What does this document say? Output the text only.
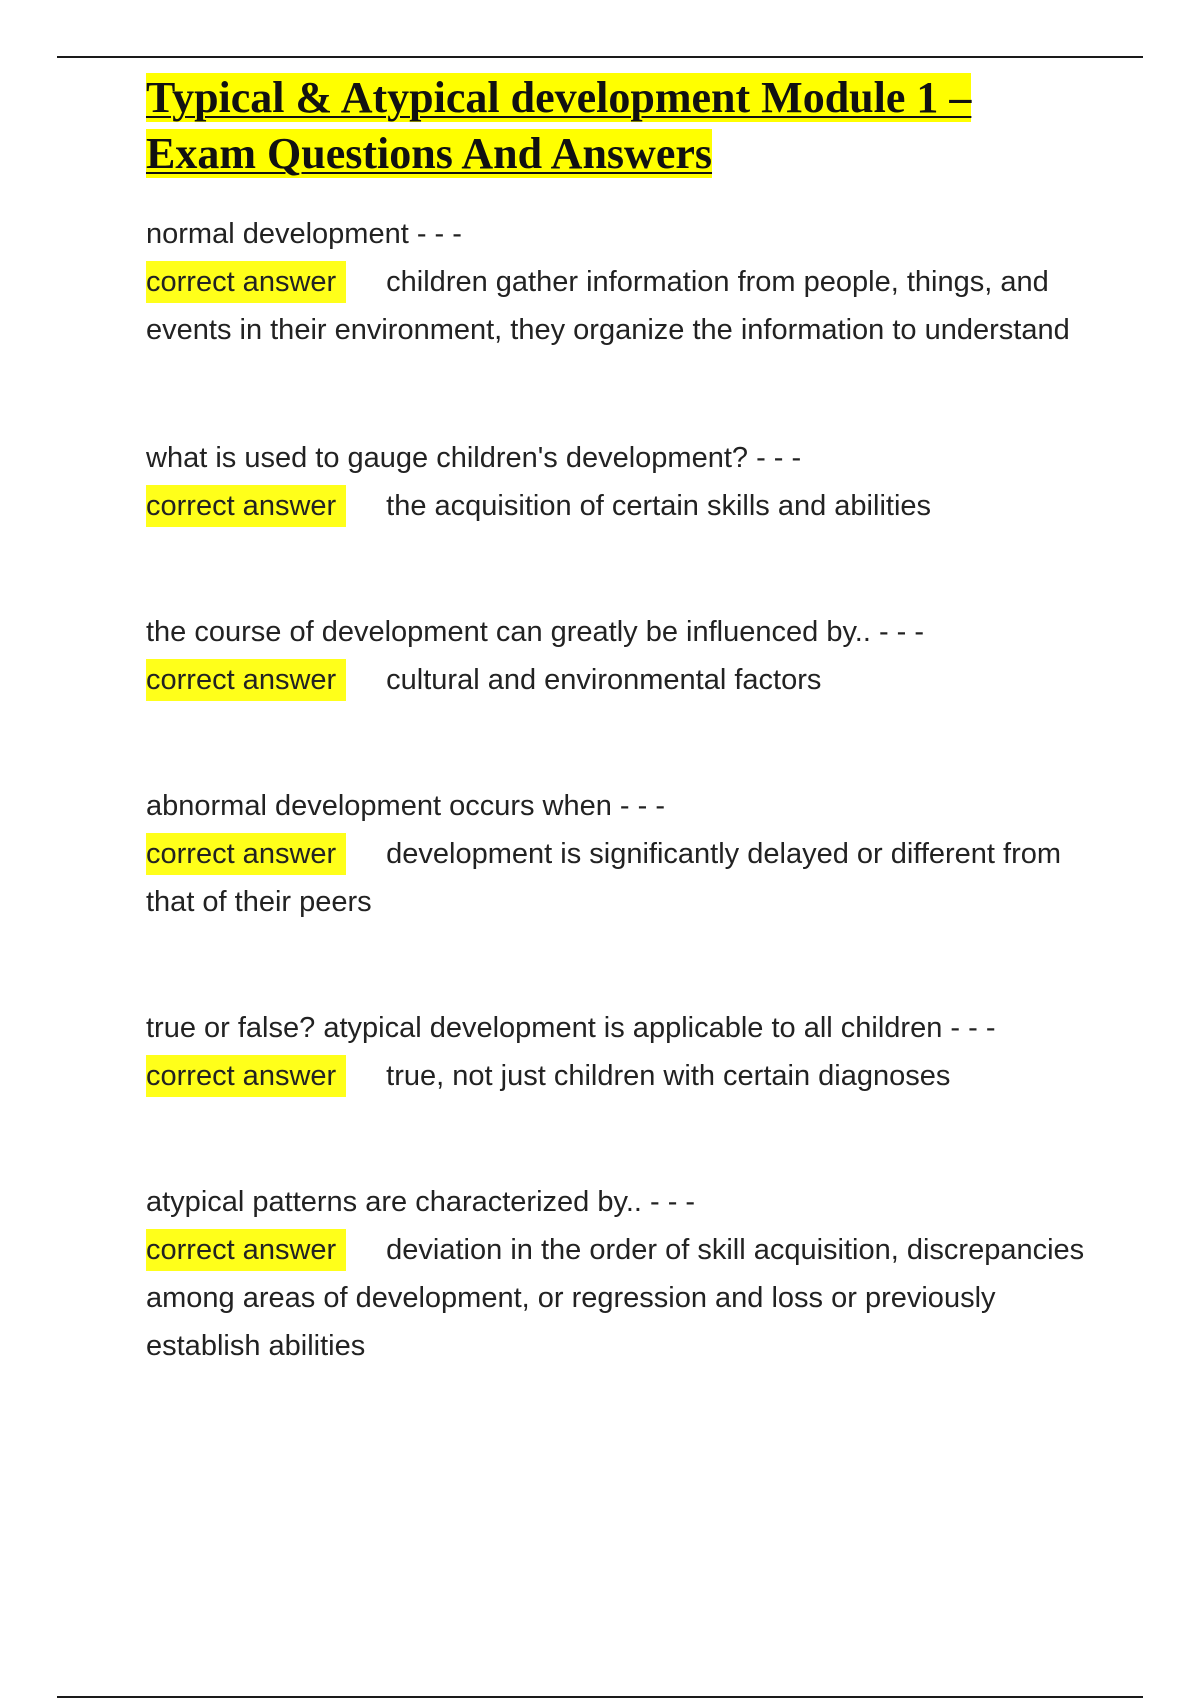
Typical & Atypical development Module 1 –
Exam Questions And Answers
normal development - - -
correct answer children gather information from people, things, and events in their environment, they organize the information to understand
what is used to gauge children's development? - - -
correct answer the acquisition of certain skills and abilities
the course of development can greatly be influenced by.. - - -
correct answer cultural and environmental factors
abnormal development occurs when - - -
correct answer development is significantly delayed or different from that of their peers
true or false? atypical development is applicable to all children - - -
correct answer true, not just children with certain diagnoses
atypical patterns are characterized by.. - - -
correct answer deviation in the order of skill acquisition, discrepancies among areas of development, or regression and loss or previously establish abilities
